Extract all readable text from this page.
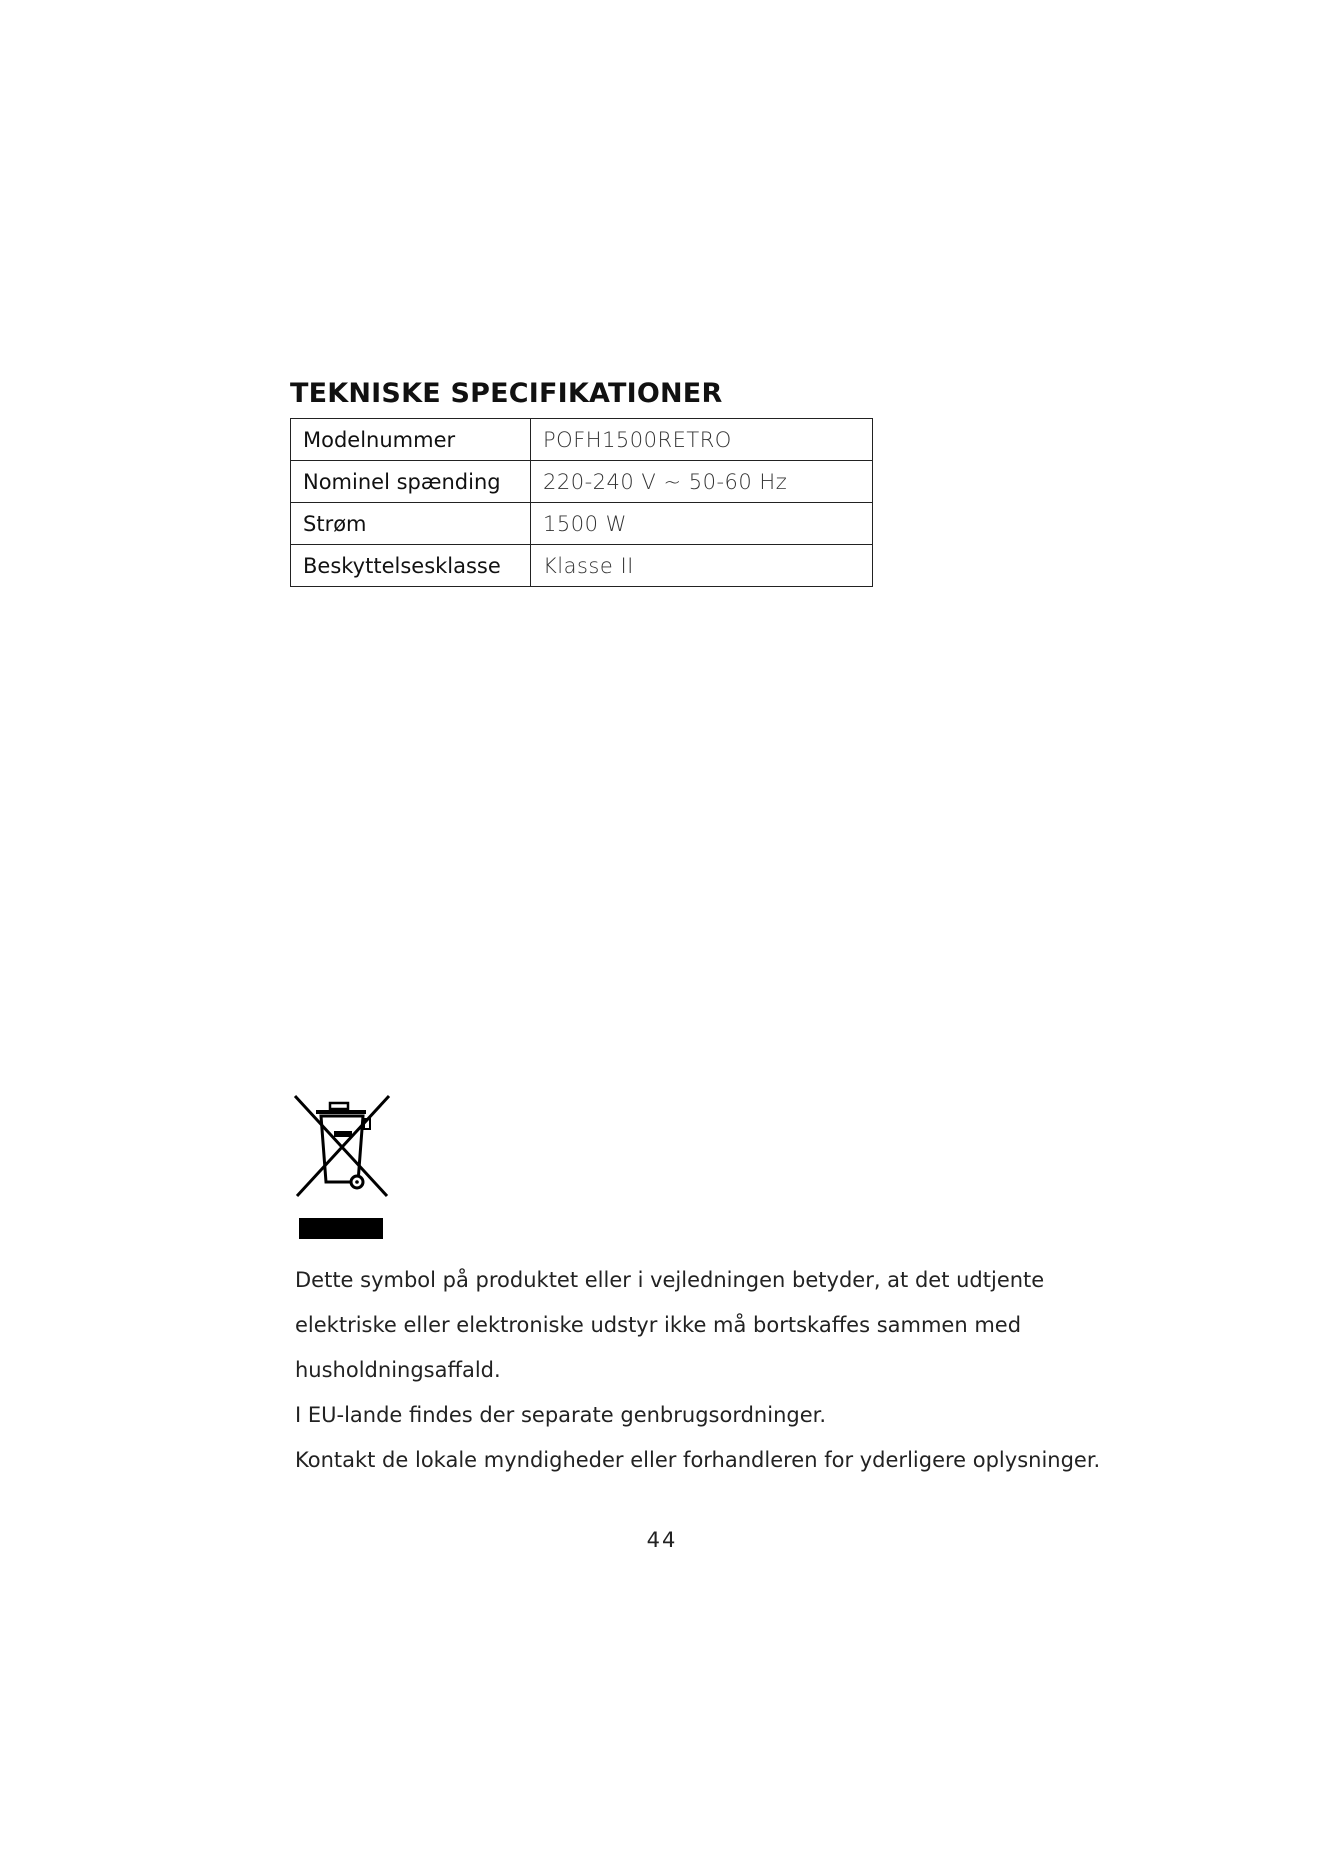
TEKNISKE SPECIFIKATIONER
Modelnummer	POFH1500RETRO
Nominel spænding	220-240 V ~ 50-60 Hz
Strøm	1500 W
Beskyttelsesklasse	Klasse II

Dette symbol på produktet eller i vejledningen betyder, at det udtjente

elektriske eller elektroniske udstyr ikke må bortskaffes sammen med

husholdningsaffald.

I EU-lande findes der separate genbrugsordninger.

Kontakt de lokale myndigheder eller forhandleren for yderligere oplysninger.

44
